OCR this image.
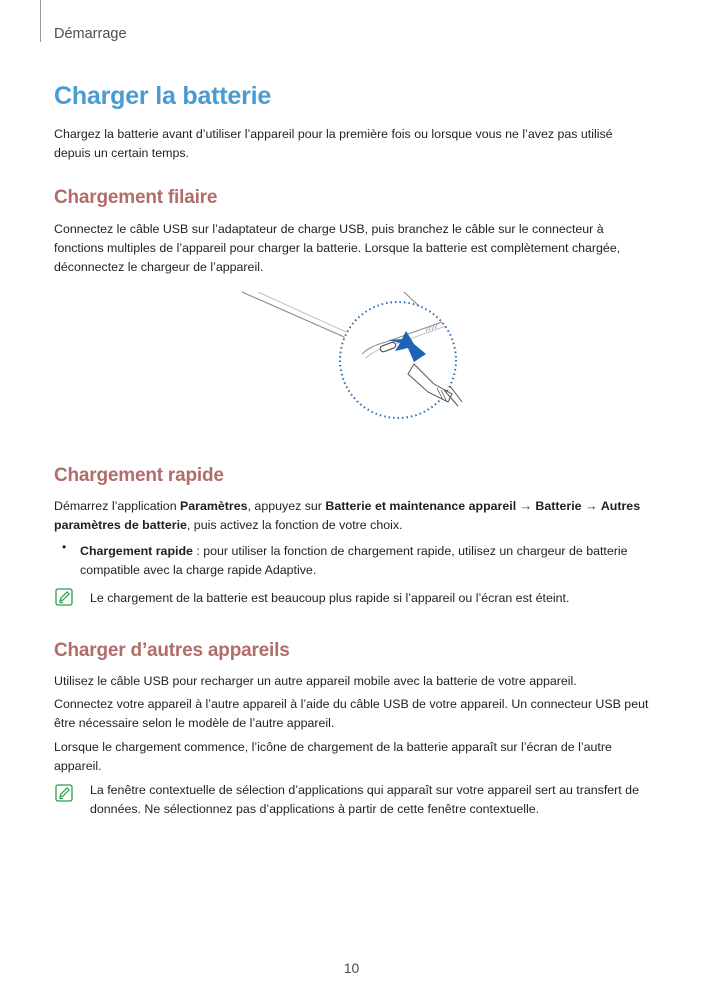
Démarrage
Charger la batterie

Chargez la batterie avant d’utiliser l’appareil pour la première fois ou lorsque vous ne l’avez pas utilisé depuis un certain temps.

Chargement filaire

Connectez le câble USB sur l’adaptateur de charge USB, puis branchez le câble sur le connecteur à fonctions multiples de l’appareil pour charger la batterie. Lorsque la batterie est complètement chargée, déconnectez le chargeur de l’appareil.

Chargement rapide

Démarrez l’application Paramètres, appuyez sur Batterie et maintenance appareil → Batterie → Autres paramètres de batterie, puis activez la fonction de votre choix.

• Chargement rapide : pour utiliser la fonction de chargement rapide, utilisez un chargeur de batterie compatible avec la charge rapide Adaptive.

Le chargement de la batterie est beaucoup plus rapide si l’appareil ou l’écran est éteint.

Charger d’autres appareils

Utilisez le câble USB pour recharger un autre appareil mobile avec la batterie de votre appareil.

Connectez votre appareil à l’autre appareil à l’aide du câble USB de votre appareil. Un connecteur USB peut être nécessaire selon le modèle de l’autre appareil.

Lorsque le chargement commence, l’icône de chargement de la batterie apparaît sur l’écran de l’autre appareil.

La fenêtre contextuelle de sélection d’applications qui apparaît sur votre appareil sert au transfert de données. Ne sélectionnez pas d’applications à partir de cette fenêtre contextuelle.

10
